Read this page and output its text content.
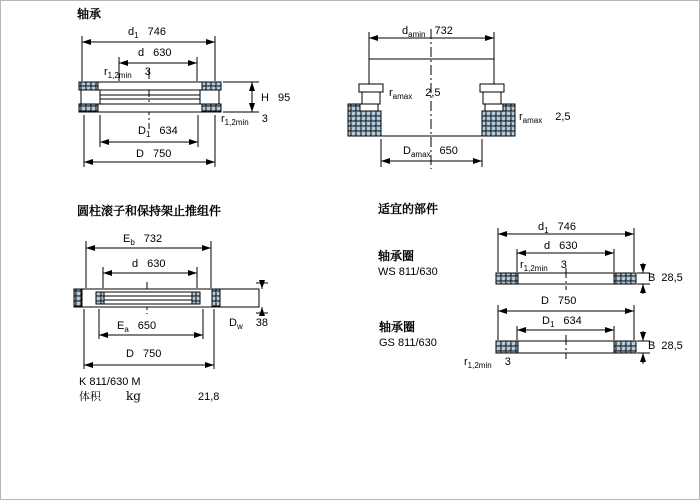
轴承
d 1 746
d 630
r 1,2min 3
H 95
r 1,2min 3
D 1 634
D 750
d amin 732
r amax 2,5
r amax 2,5
D amax 650
圆柱滚子和保持架止推组件
E b 732
d 630
E a 650
D 750
D w 38
K 811/630 M
体积 kg	21,8
适宜的部件
轴承圈
WS 811/630
d 1 746
d 630
r 1,2min 3
B 28,5
D 750
D 1 634
轴承圈
GS 811/630	B 28,5
r 1,2min 3
